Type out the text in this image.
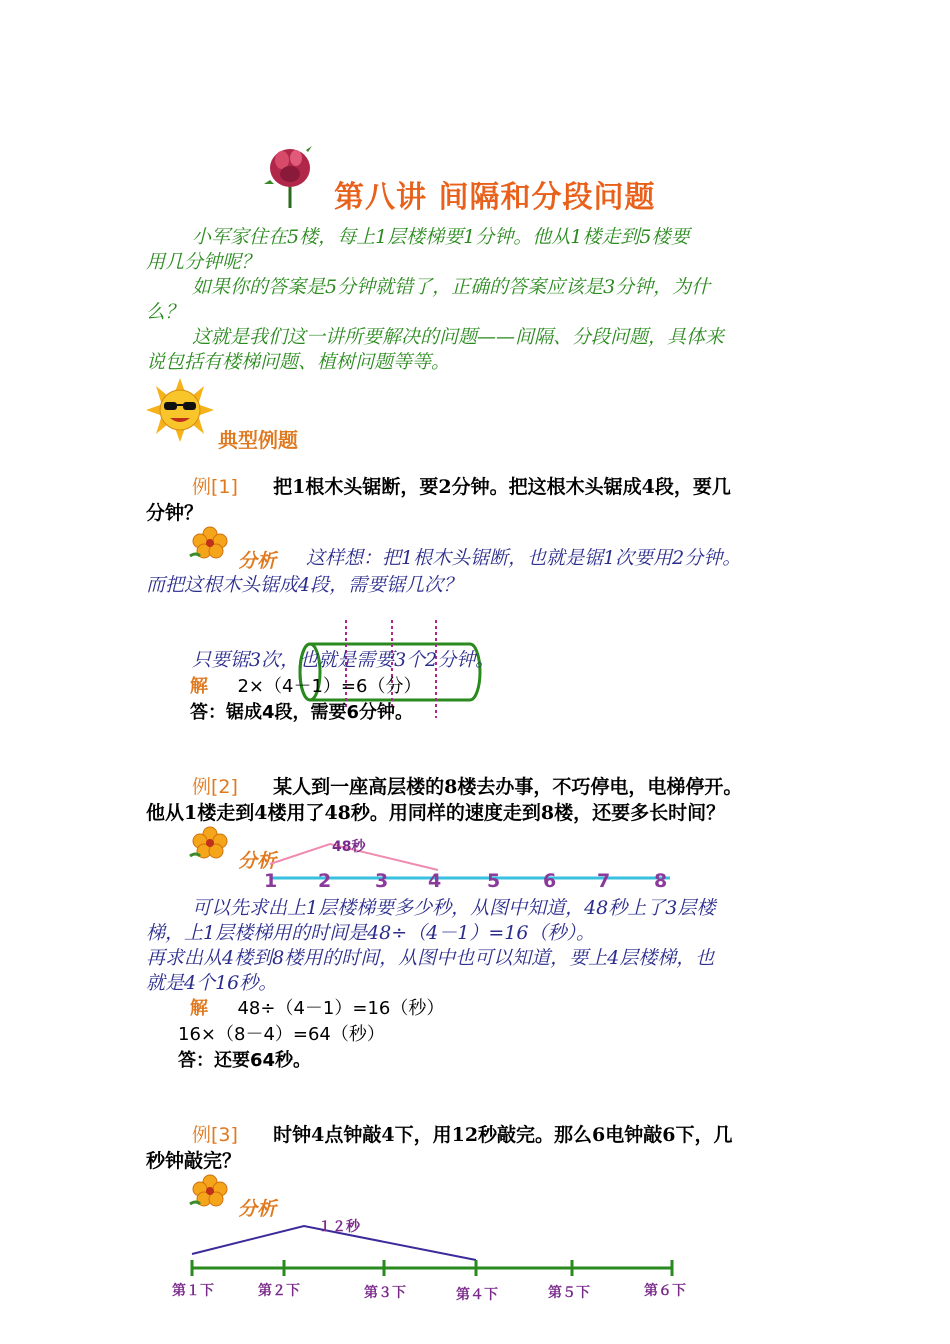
第八讲 间隔和分段问题
小军家住在5楼，每上1层楼梯要1分钟。他从1楼走到5楼要
用几分钟呢？
如果你的答案是5分钟就错了，正确的答案应该是3分钟，为什
么？
这就是我们这一讲所要解决的问题——间隔、分段问题，具体来
说包括有楼梯问题、植树问题等等。
典型例题
例[1] 把1根木头锯断，要2分钟。把这根木头锯成4段，要几
分钟？
分析 这样想：把1根木头锯断，也就是锯1次要用2分钟。
而把这根木头锯成4段，需要锯几次？
只要锯3次，也就是需要3个2分钟。
解 2×（4－1）=6（分）
答：锯成4段，需要6分钟。
例[2] 某人到一座高层楼的8楼去办事，不巧停电，电梯停开。
他从1楼走到4楼用了48秒。用同样的速度走到8楼，还要多长时间？
分析
48秒
1 2 3 4 5 6 7 8
可以先求出上1层楼梯要多少秒，从图中知道，48秒上了3层楼
梯，上1层楼梯用的时间是48÷（4－1）=16（秒）。
再求出从4楼到8楼用的时间，从图中也可以知道，要上4层楼梯，也
就是4个16秒。
解 48÷（4－1）=16（秒）
16×（8－4）=64（秒）
答：还要64秒。
例[3] 时钟4点钟敲4下，用12秒敲完。那么6电钟敲6下，几
秒钟敲完？
分析
１２秒
第１下	第２下	第３下	第４下	第５下	第６下
